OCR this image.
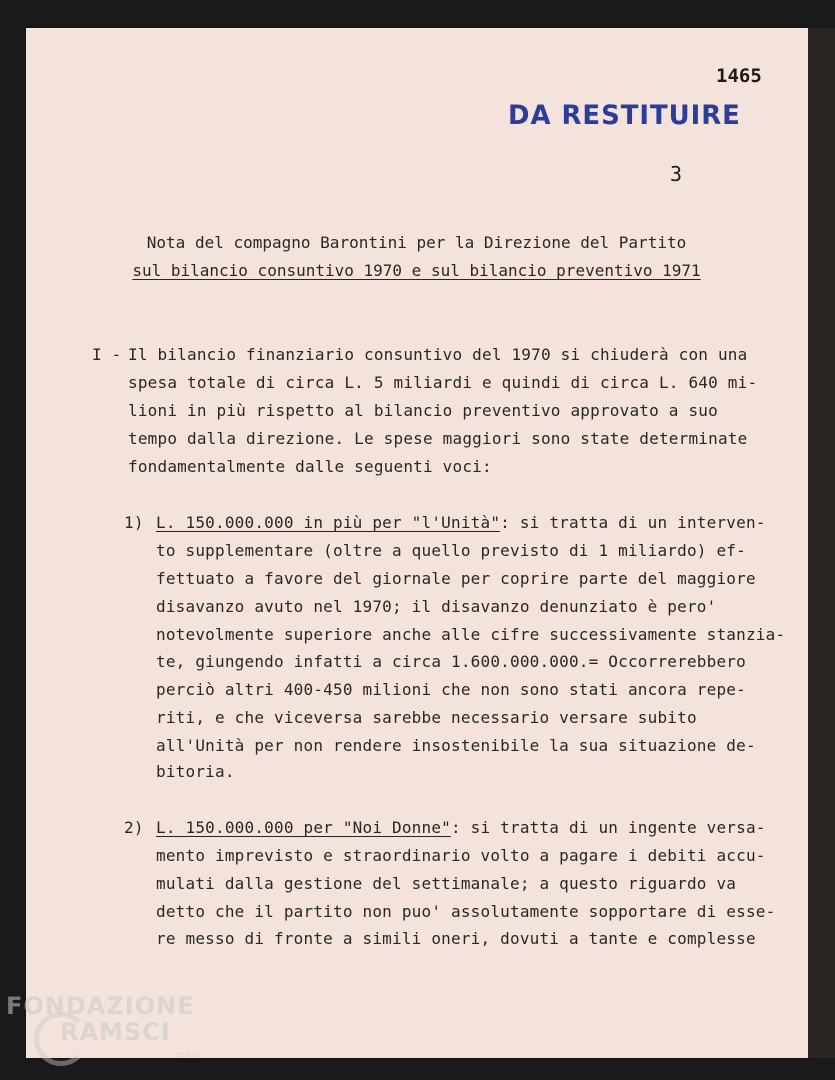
1465
DA RESTITUIRE
3
Nota del compagno Barontini per la Direzione del Partito
sul bilancio consuntivo 1970 e sul bilancio preventivo 1971
I - Il bilancio finanziario consuntivo del 1970 si chiuderà con una
spesa totale di circa L. 5 miliardi e quindi di circa L. 640 mi-
lioni in più rispetto al bilancio preventivo approvato a suo
tempo dalla direzione. Le spese maggiori sono state determinate
fondamentalmente dalle seguenti voci:
1) L. 150.000.000 in più per "l'Unità": si tratta di un interven-
to supplementare (oltre a quello previsto di 1 miliardo) ef-
fettuato a favore del giornale per coprire parte del maggiore
disavanzo avuto nel 1970; il disavanzo denunziato è pero'
notevolmente superiore anche alle cifre successivamente stanzia-
te, giungendo infatti a circa 1.600.000.000.= Occorrerebbero
perciò altri 400-450 milioni che non sono stati ancora repe-
riti, e che viceversa sarebbe necessario versare subito
all'Unità per non rendere insostenibile la sua situazione de-
bitoria.
2) L. 150.000.000 per "Noi Donne": si tratta di un ingente versa-
mento imprevisto e straordinario volto a pagare i debiti accu-
mulati dalla gestione del settimanale; a questo riguardo va
detto che il partito non puo' assolutamente sopportare di esse-
re messo di fronte a simili oneri, dovuti a tante e complesse
FONDAZIONE
RAMSCI
onlus
